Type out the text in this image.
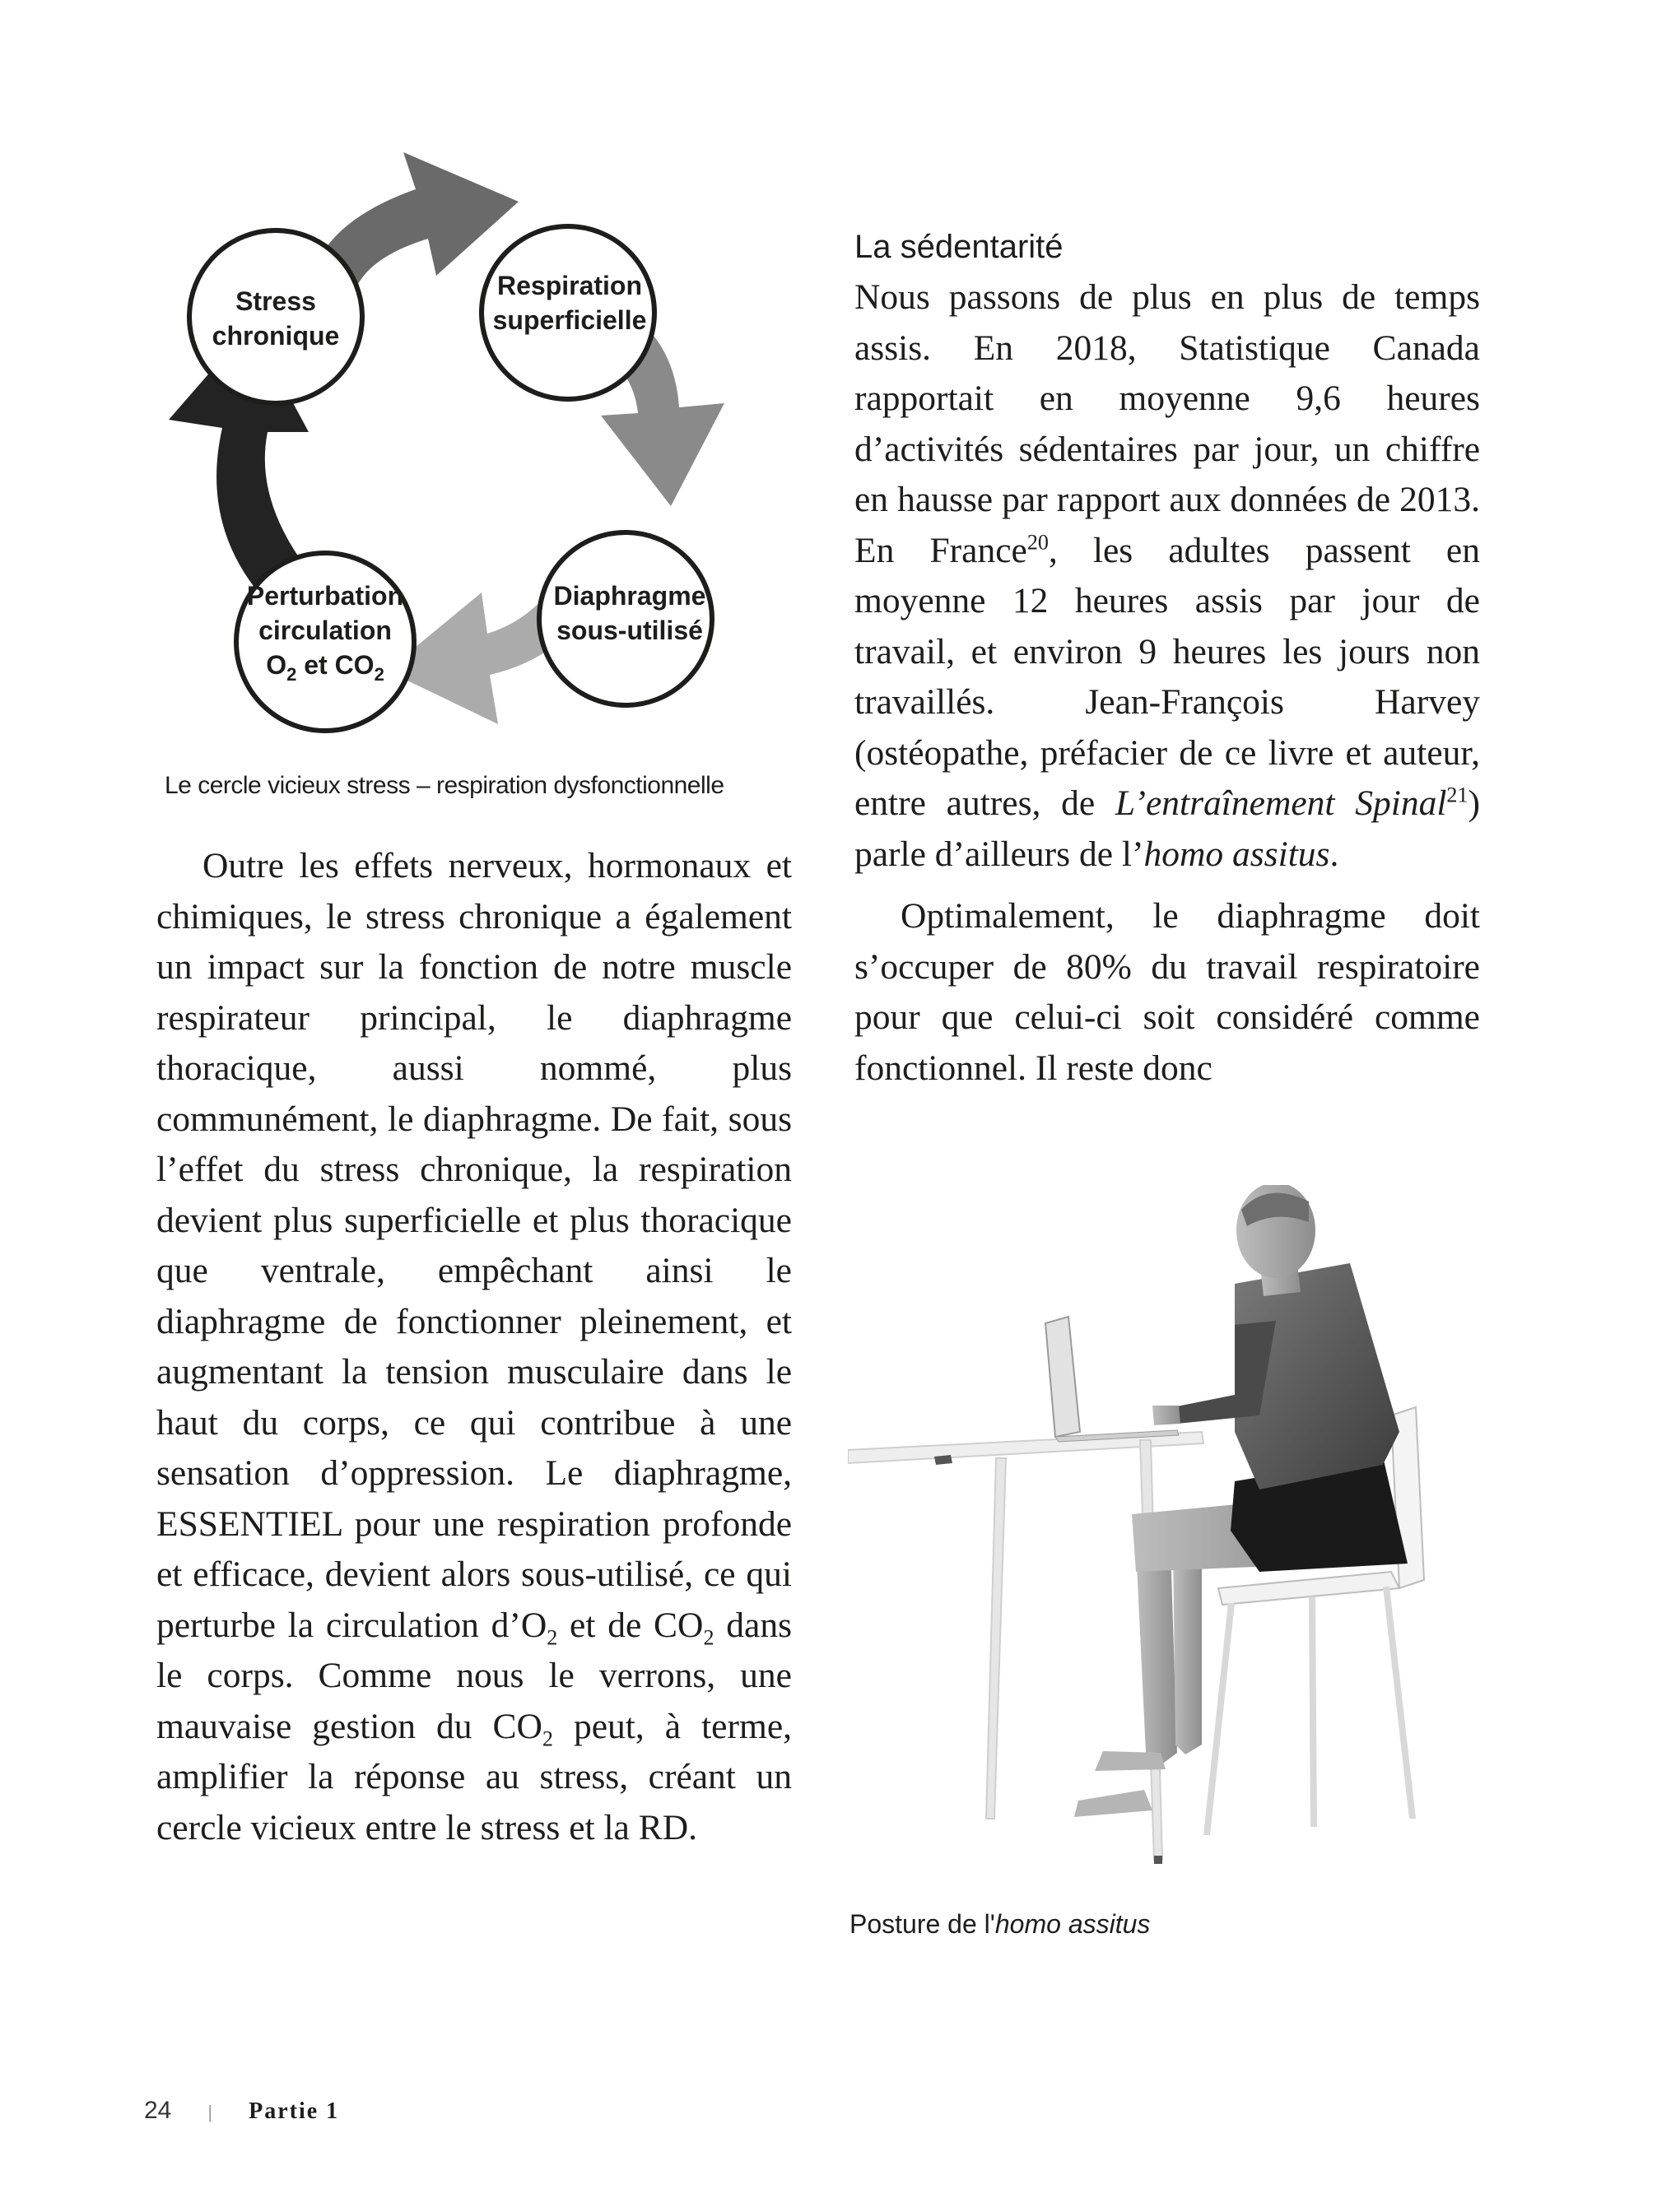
Stress
chronique
Respiration
superficielle
Diaphragme
sous-utilisé
Perturbation
circulation
$O_2$ et $CO_2$
Le cercle vicieux stress – respiration dysfonctionnelle

Outre les effets nerveux, hormonaux et chimiques, le stress chronique a également un impact sur la fonction de notre muscle respirateur principal, le diaphragme thoracique, aussi nommé, plus communément, le diaphragme. De fait, sous l’effet du stress chronique, la respiration devient plus superficielle et plus thoracique que ventrale, empêchant ainsi le diaphragme de fonctionner pleinement, et augmentant la tension musculaire dans le haut du corps, ce qui contribue à une sensation d’oppression. Le diaphragme, ESSENTIEL pour une respiration profonde et efficace, devient alors sous-utilisé, ce qui perturbe la circulation $d’O_2$ et de $CO_2$ dans le corps. Comme nous le verrons, une mauvaise gestion du $CO_2$ peut, à terme, amplifier la réponse au stress, créant un cercle vicieux entre le stress et la RD.

La sédentarité

Nous passons de plus en plus de temps assis. En 2018, Statistique Canada rapportait en moyenne 9,6 heures d’activités sédentaires par jour, un chiffre en hausse par rapport aux données de 2013. En France$^{20}$, les adultes passent en moyenne 12 heures assis par jour de travail, et environ 9 heures les jours non travaillés. Jean-François Harvey (ostéopathe, préfacier de ce livre et auteur, entre autres, de L’entraînement Spinal$^{21}$) parle d’ailleurs de l’homo assitus.

Optimalement, le diaphragme doit s’occuper de 80% du travail respiratoire pour que celui-ci soit considéré comme fonctionnel. Il reste donc

Posture de l'homo assitus
24 | Partie 1
